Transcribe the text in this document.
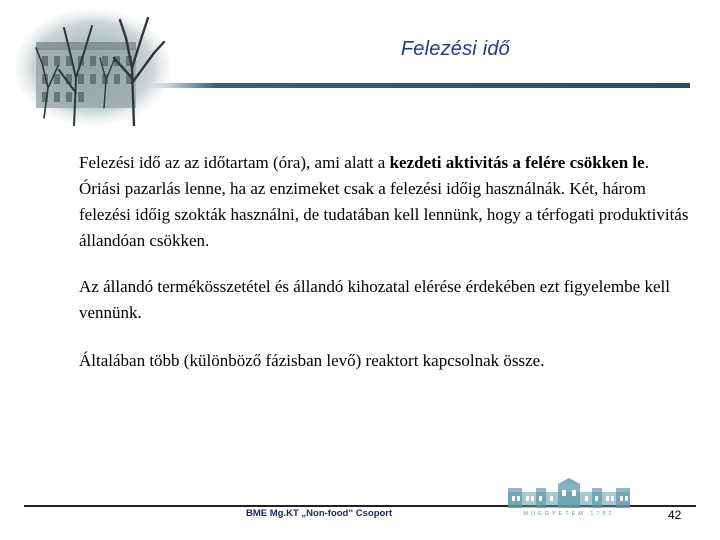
Felezési idő

Felezési idő az az időtartam (óra), ami alatt a kezdeti aktivitás a felére csökken le. Óriási pazarlás lenne, ha az enzimeket csak a felezési időig használnák. Két, három felezési időig szokták használni, de tudatában kell lennünk, hogy a térfogati produktivitás állandóan csökken.

Az állandó termékösszetétel és állandó kihozatal elérése érdekében ezt figyelembe kell vennünk.

Általában több (különböző fázisban levő) reaktort kapcsolnak össze.

BME Mg.KT „Non-food” Csoport	MŰEGYETEM 1782	42
